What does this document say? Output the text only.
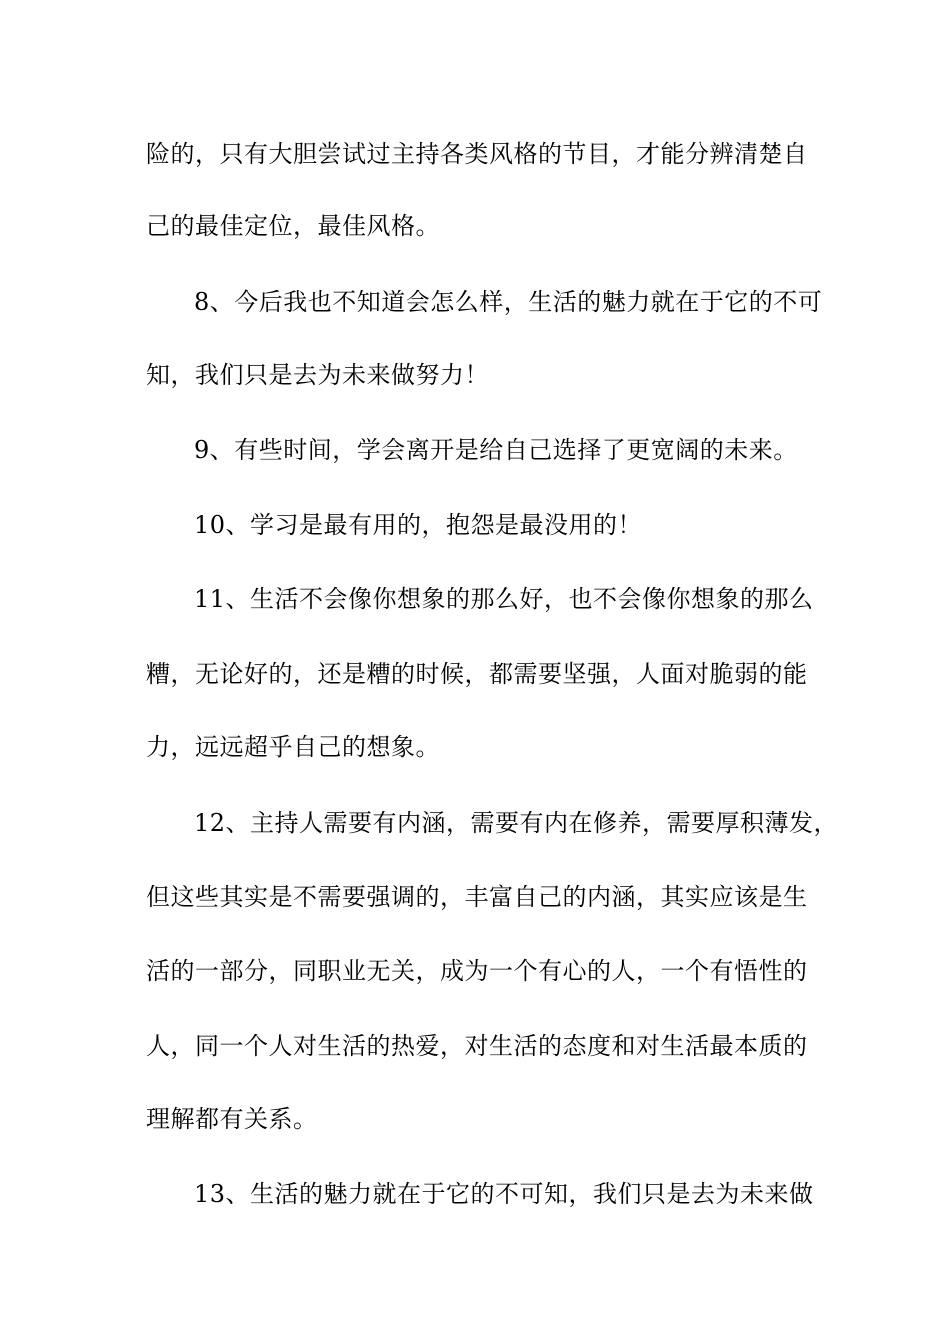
险的，只有大胆尝试过主持各类风格的节目，才能分辨清楚自
己的最佳定位，最佳风格。
8、今后我也不知道会怎么样，生活的魅力就在于它的不可
知，我们只是去为未来做努力！
9、有些时间，学会离开是给自己选择了更宽阔的未来。
10、学习是最有用的，抱怨是最没用的！
11、生活不会像你想象的那么好，也不会像你想象的那么
糟，无论好的，还是糟的时候，都需要坚强，人面对脆弱的能
力，远远超乎自己的想象。
12、主持人需要有内涵，需要有内在修养，需要厚积薄发，
但这些其实是不需要强调的，丰富自己的内涵，其实应该是生
活的一部分，同职业无关，成为一个有心的人，一个有悟性的
人，同一个人对生活的热爱，对生活的态度和对生活最本质的
理解都有关系。
13、生活的魅力就在于它的不可知，我们只是去为未来做
